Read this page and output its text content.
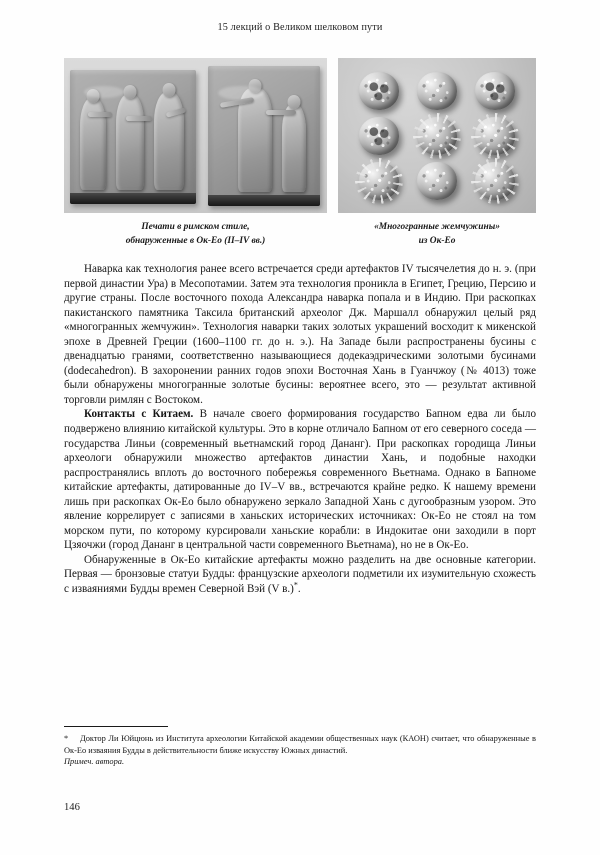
15 лекций о Великом шелковом пути
Печати в римском стиле,
обнаруженные в Ок-Ео (II–IV вв.)
«Многогранные жемчужины»
из Ок-Ео

Наварка как технология ранее всего встречается среди артефактов IV тысячелетия до н. э. (при первой династии Ура) в Месопотамии. Затем эта технология проникла в Египет, Грецию, Персию и другие страны. После восточного похода Александра наварка попала и в Индию. При раскопках пакистанского памятника Таксила британский археолог Дж. Маршалл обнаружил целый ряд «многогранных жемчужин». Технология наварки таких золотых украшений восходит к микенской эпохе в Древней Греции (1600–1100 гг. до н. э.). На Западе были распространены бусины с двенадцатью гранями, соответственно называющиеся додекаэдрическими золотыми бусинами (dodecahedron). В захоронении ранних годов эпохи Восточная Хань в Гуанчжоу (№ 4013) тоже были обнаружены многогранные золотые бусины: вероятнее всего, это — результат активной торговли римлян с Востоком.

Контакты с Китаем. В начале своего формирования государство Бапном едва ли было подвержено влиянию китайской культуры. Это в корне отличало Бапном от его северного соседа — государства Линьи (современный вьетнамский город Дананг). При раскопках городища Линьи археологи обнаружили множество артефактов династии Хань, и подобные находки распространялись вплоть до восточного побережья современного Вьетнама. Однако в Бапноме китайские артефакты, датированные до IV–V вв., встречаются крайне редко. К нашему времени лишь при раскопках Ок-Ео было обнаружено зеркало Западной Хань с дугообразным узором. Это явление коррелирует с записями в ханьских исторических источниках: Ок-Ео не стоял на том морском пути, по которому курсировали ханьские корабли: в Индокитае они заходили в порт Цзяочжи (город Дананг в центральной части современного Вьетнама), но не в Ок-Ео.

Обнаруженные в Ок-Ео китайские артефакты можно разделить на две основные категории. Первая — бронзовые статуи Будды: французские археологи подметили их изумительную схожесть с изваяниями Будды времен Северной Вэй (V в.)*.

* Доктор Ли Юйцюнь из Института археологии Китайской академии общественных наук (КАОН) считает, что обнаруженные в Ок-Ео изваяния Будды в действительности ближе искусству Южных династий.
Примеч. автора.
146
